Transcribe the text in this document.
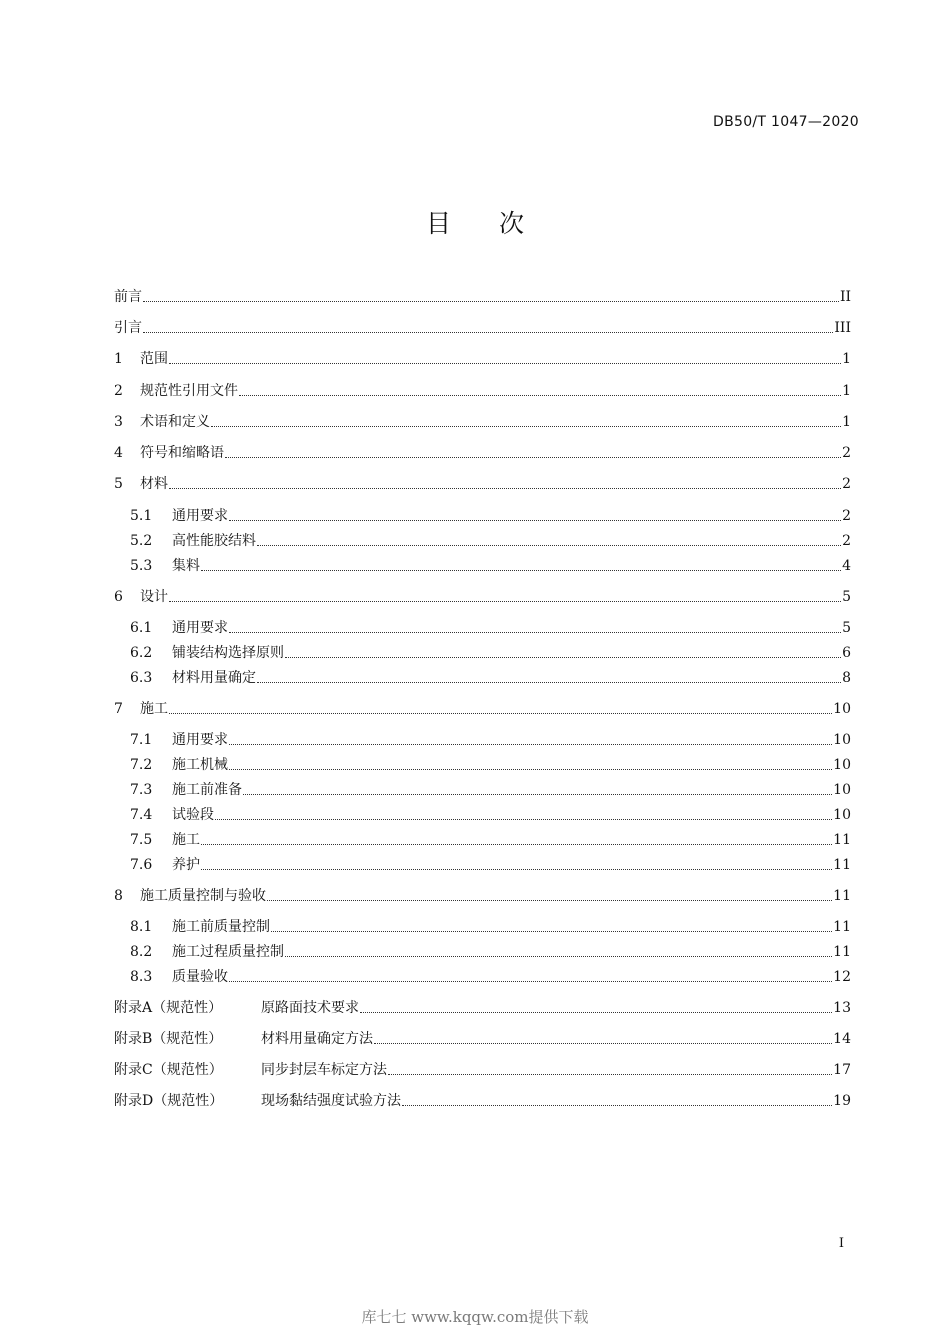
DB50/T 1047—2020
目 次
前言	II
引言	III
1	范围	1
2	规范性引用文件	1
3	术语和定义	1
4	符号和缩略语	2
5	材料	2
5.1	通用要求	2
5.2	高性能胶结料	2
5.3	集料	4
6	设计	5
6.1	通用要求	5
6.2	铺装结构选择原则	6
6.3	材料用量确定	8
7	施工	10
7.1	通用要求	10
7.2	施工机械	10
7.3	施工前准备	10
7.4	试验段	10
7.5	施工	11
7.6	养护	11
8	施工质量控制与验收	11
8.1	施工前质量控制	11
8.2	施工过程质量控制	11
8.3	质量验收	12
附录A（规范性）	原路面技术要求	13
附录B（规范性）	材料用量确定方法	14
附录C（规范性）	同步封层车标定方法	17
附录D（规范性）	现场黏结强度试验方法	19
I
库七七 www.kqqw.com提供下载
